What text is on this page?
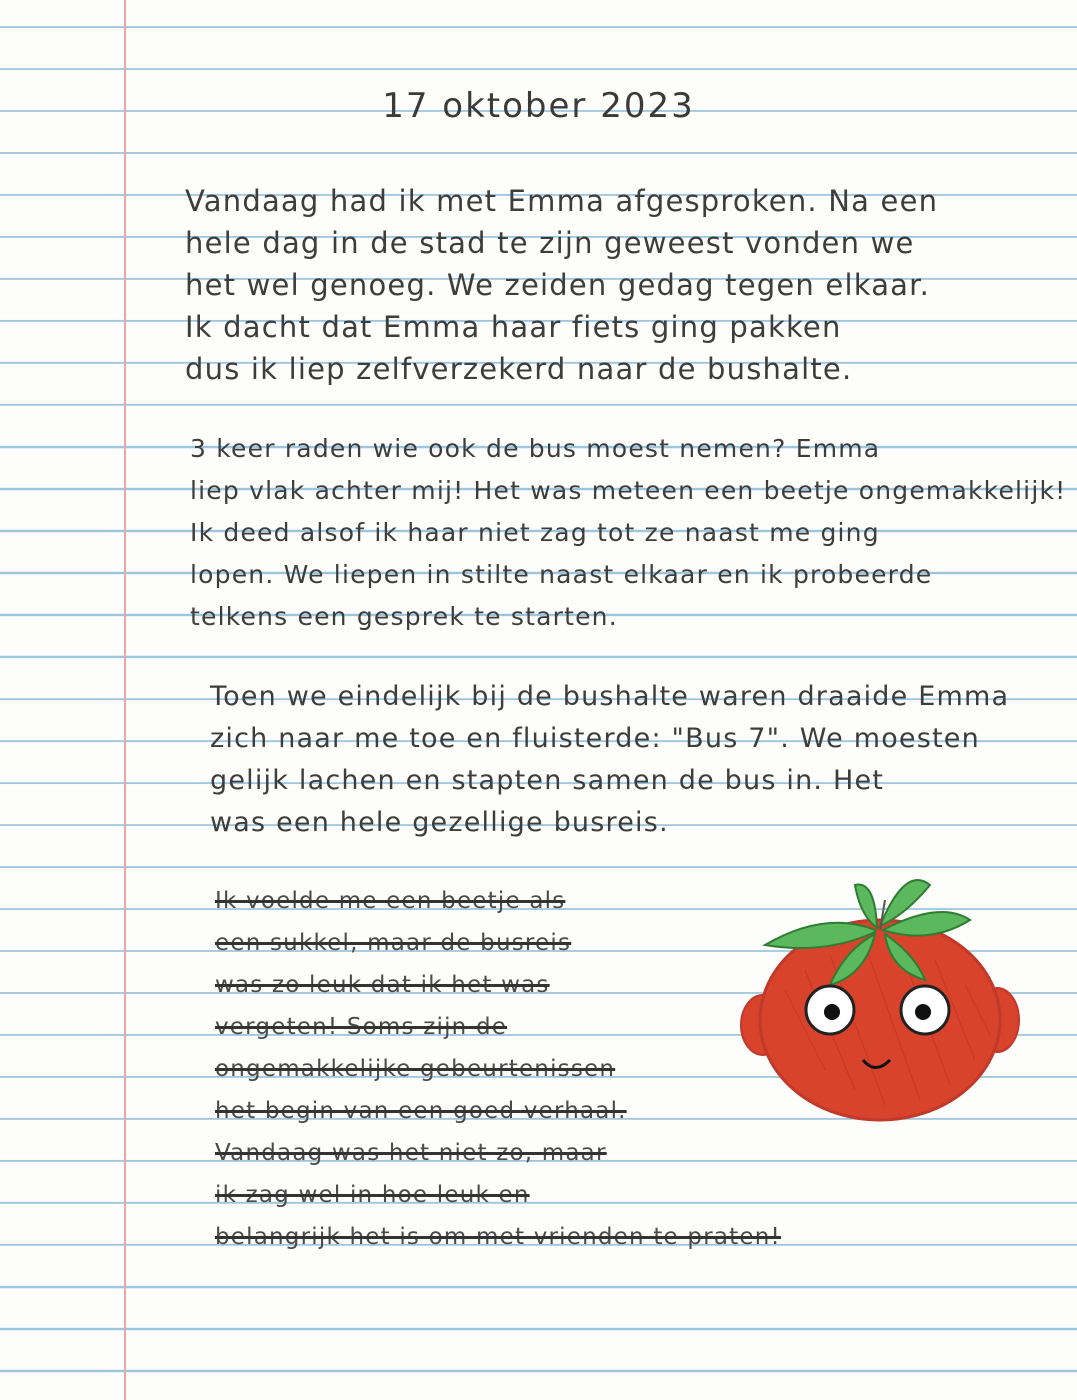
17 oktober 2023
Vandaag had ik met Emma afgesproken. Na een
hele dag in de stad te zijn geweest vonden we
het wel genoeg. We zeiden gedag tegen elkaar.
Ik dacht dat Emma haar fiets ging pakken
dus ik liep zelfverzekerd naar de bushalte.
3 keer raden wie ook de bus moest nemen? Emma
liep vlak achter mij! Het was meteen een beetje ongemakkelijk!
Ik deed alsof ik haar niet zag tot ze naast me ging
lopen. We liepen in stilte naast elkaar en ik probeerde
telkens een gesprek te starten.
Toen we eindelijk bij de bushalte waren draaide Emma
zich naar me toe en fluisterde: "Bus 7". We moesten
gelijk lachen en stapten samen de bus in. Het
was een hele gezellige busreis.
Ik voelde me een beetje als
een sukkel, maar de busreis
was zo leuk dat ik het was
vergeten! Soms zijn de
ongemakkelijke gebeurtenissen
het begin van een goed verhaal.
Vandaag was het niet zo, maar
ik zag wel in hoe leuk en
belangrijk het is om met vrienden te praten!
